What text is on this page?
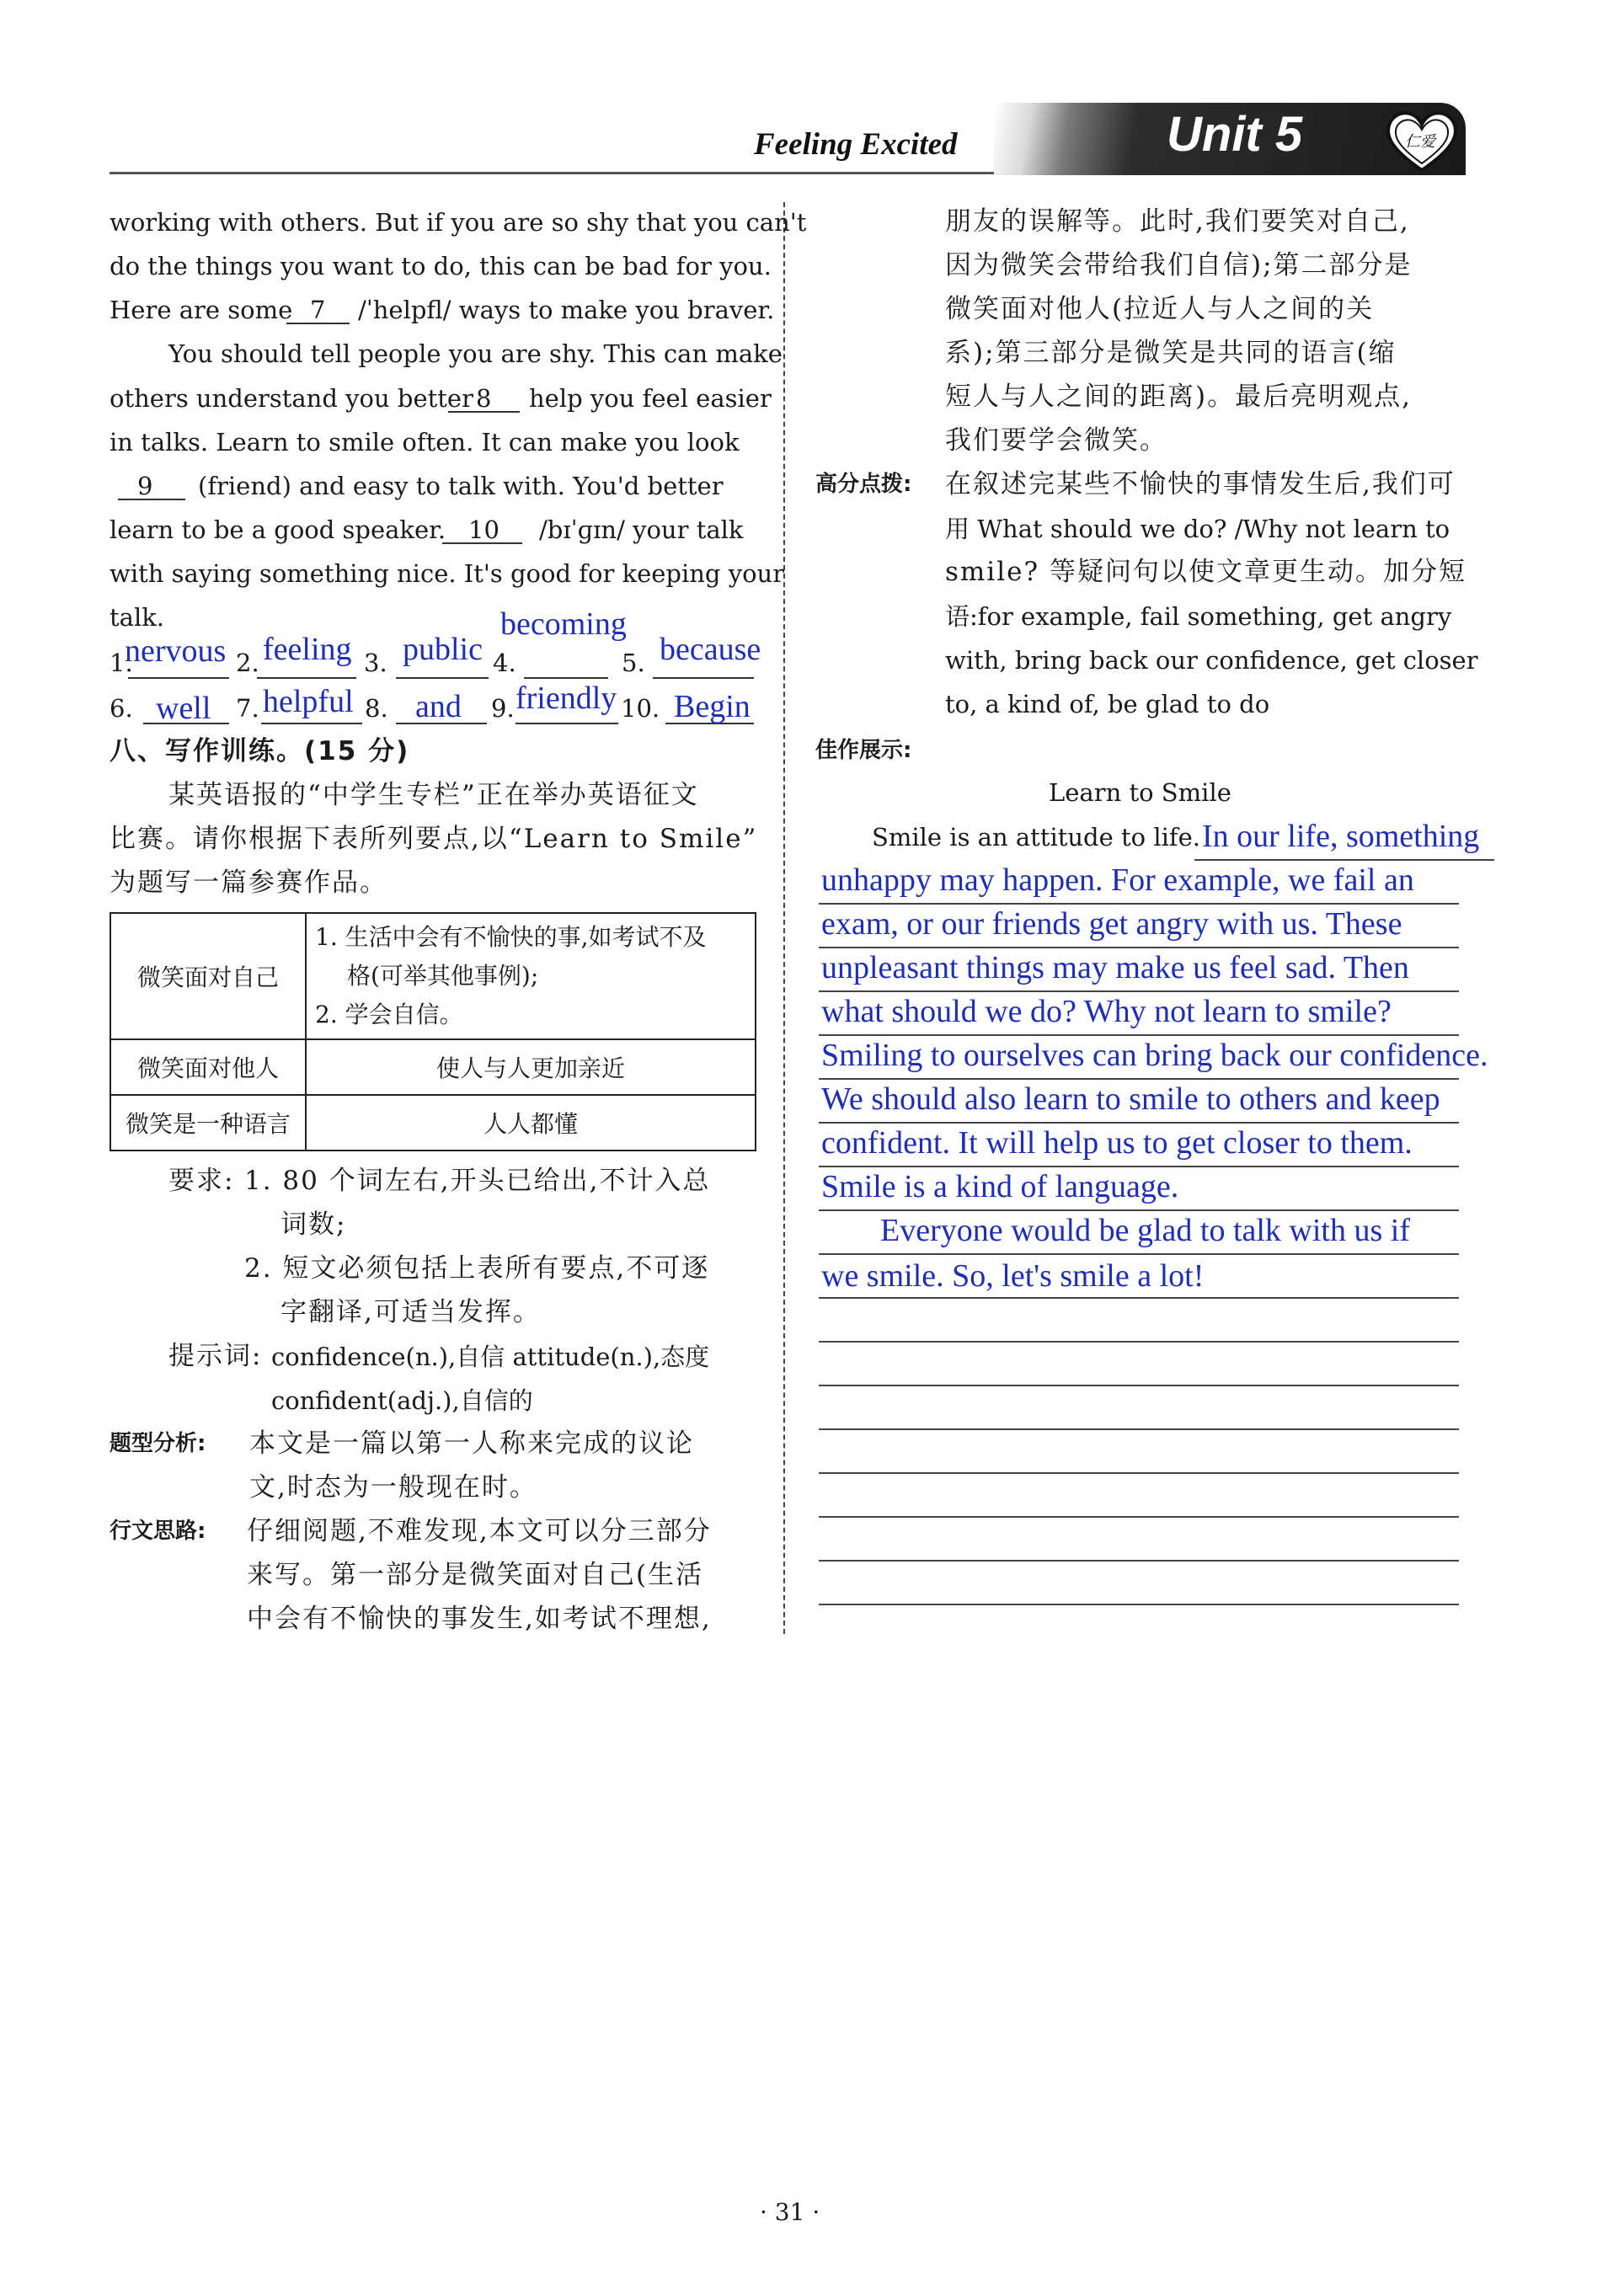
Feeling Excited	Unit 5	仁爱
working with others. But if you are so shy that you can't
do the things you want to do, this can be bad for you.
Here are some 7 /ˈhelpfl/ ways to make you braver.
You should tell people you are shy. This can make
others understand you better 8 help you feel easier
in talks. Learn to smile often. It can make you look
9 (friend) and easy to talk with. You'd better
learn to be a good speaker. 10 /bɪˈɡɪn/ your talk
with saying something nice. It's good for keeping your
talk.
1.
nervous 2. feeling 3. public 4.
becoming
5. because
6. well 7. helpful 8. and 9. friendly 10. Begin
八、写作训练。(15 分)
某英语报的“中学生专栏”正在举办英语征文
比赛。请你根据下表所列要点,以“Learn to Smile”
为题写一篇参赛作品。
微笑面对自己	1. 生活中会有不愉快的事,如考试不及
格(可举其他事例);
2. 学会自信。

微笑面对他人	使人与人更加亲近
微笑是一种语言	人人都懂
要求: 1. 80 个词左右,开头已给出,不计入总
词数;
2. 短文必须包括上表所有要点,不可逐
字翻译,可适当发挥。
提示词: confidence(n.),自信 attitude(n.),态度
confident(adj.),自信的
题型分析: 本文是一篇以第一人称来完成的议论
文,时态为一般现在时。
行文思路: 仔细阅题,不难发现,本文可以分三部分
来写。第一部分是微笑面对自己(生活
中会有不愉快的事发生,如考试不理想,
朋友的误解等。此时,我们要笑对自己,
因为微笑会带给我们自信);第二部分是
微笑面对他人(拉近人与人之间的关
系);第三部分是微笑是共同的语言(缩
短人与人之间的距离)。最后亮明观点,
我们要学会微笑。
高分点拨: 在叙述完某些不愉快的事情发生后,我们可
用 What should we do? /Why not learn to
smile? 等疑问句以使文章更生动。加分短
语:for example, fail something, get angry
with, bring back our confidence, get closer
to, a kind of, be glad to do
佳作展示:
Learn to Smile
Smile is an attitude to life. In our life, something
unhappy may happen. For example, we fail an
exam, or our friends get angry with us. These
unpleasant things may make us feel sad. Then
what should we do? Why not learn to smile?
Smiling to ourselves can bring back our confidence.
We should also learn to smile to others and keep
confident. It will help us to get closer to them.
Smile is a kind of language.
Everyone would be glad to talk with us if
we smile. So, let's smile a lot!
· 31 ·
